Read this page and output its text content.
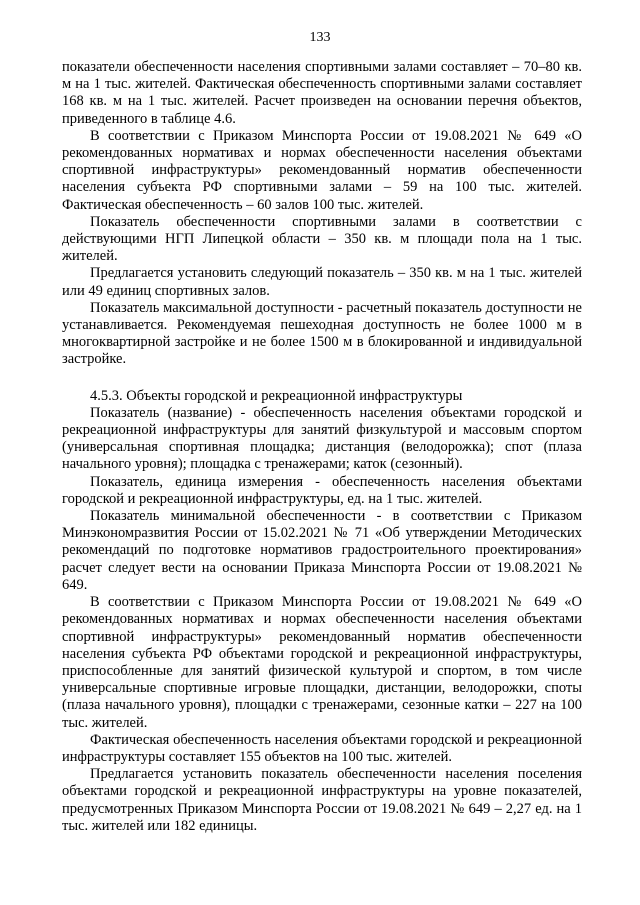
133

показатели обеспеченности населения спортивными залами составляет – 70–80 кв. м на 1 тыс. жителей. Фактическая обеспеченность спортивными залами составляет 168 кв. м на 1 тыс. жителей. Расчет произведен на основании перечня объектов, приведенного в таблице 4.6.

В соответствии с Приказом Минспорта России от 19.08.2021 № 649 «О рекомендованных нормативах и нормах обеспеченности населения объектами спортивной инфраструктуры» рекомендованный норматив обеспеченности населения субъекта РФ спортивными залами – 59 на 100 тыс. жителей. Фактическая обеспеченность – 60 залов 100 тыс. жителей.

Показатель обеспеченности спортивными залами в соответствии с действующими НГП Липецкой области – 350 кв. м площади пола на 1 тыс. жителей.

Предлагается установить следующий показатель – 350 кв. м на 1 тыс. жителей или 49 единиц спортивных залов.

Показатель максимальной доступности - расчетный показатель доступности не устанавливается. Рекомендуемая пешеходная доступность не более 1000 м в многоквартирной застройке и не более 1500 м в блокированной и индивидуальной застройке.

4.5.3. Объекты городской и рекреационной инфраструктуры

Показатель (название) - обеспеченность населения объектами городской и рекреационной инфраструктуры для занятий физкультурой и массовым спортом (универсальная спортивная площадка; дистанция (велодорожка); спот (плаза начального уровня); площадка с тренажерами; каток (сезонный).

Показатель, единица измерения - обеспеченность населения объектами городской и рекреационной инфраструктуры, ед. на 1 тыс. жителей.

Показатель минимальной обеспеченности - в соответствии с Приказом Минэкономразвития России от 15.02.2021 № 71 «Об утверждении Методических рекомендаций по подготовке нормативов градостроительного проектирования» расчет следует вести на основании Приказа Минспорта России от 19.08.2021 № 649.

В соответствии с Приказом Минспорта России от 19.08.2021 № 649 «О рекомендованных нормативах и нормах обеспеченности населения объектами спортивной инфраструктуры» рекомендованный норматив обеспеченности населения субъекта РФ объектами городской и рекреационной инфраструктуры, приспособленные для занятий физической культурой и спортом, в том числе универсальные спортивные игровые площадки, дистанции, велодорожки, споты (плаза начального уровня), площадки с тренажерами, сезонные катки – 227 на 100 тыс. жителей.

Фактическая обеспеченность населения объектами городской и рекреационной инфраструктуры составляет 155 объектов на 100 тыс. жителей.

Предлагается установить показатель обеспеченности населения поселения объектами городской и рекреационной инфраструктуры на уровне показателей, предусмотренных Приказом Минспорта России от 19.08.2021 № 649 – 2,27 ед. на 1 тыс. жителей или 182 единицы.
